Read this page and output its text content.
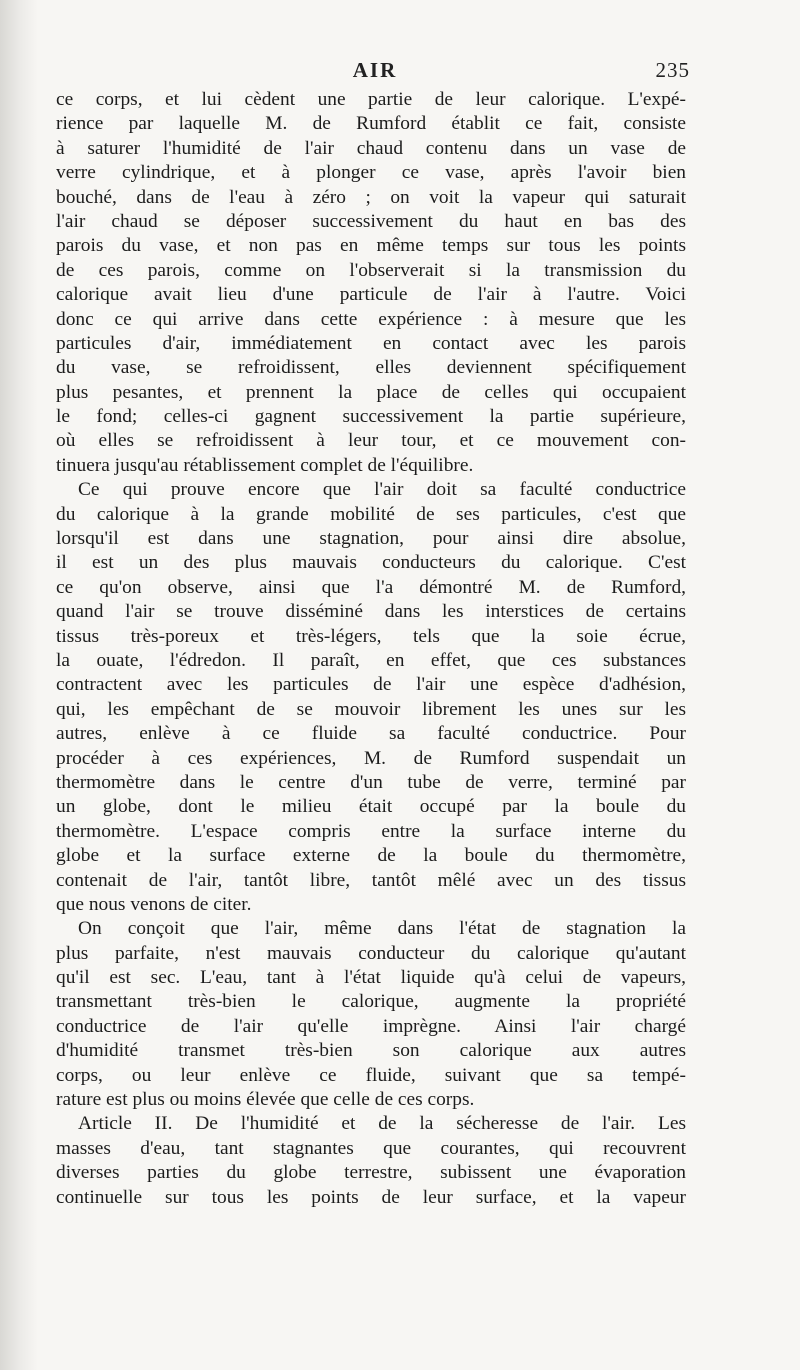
AIR	235
ce corps, et lui cèdent une partie de leur calorique. L'expé-
rience par laquelle M. de Rumford établit ce fait, consiste
à saturer l'humidité de l'air chaud contenu dans un vase de
verre cylindrique, et à plonger ce vase, après l'avoir bien
bouché, dans de l'eau à zéro ; on voit la vapeur qui saturait
l'air chaud se déposer successivement du haut en bas des
parois du vase, et non pas en même temps sur tous les points
de ces parois, comme on l'observerait si la transmission du
calorique avait lieu d'une particule de l'air à l'autre. Voici
donc ce qui arrive dans cette expérience : à mesure que les
particules d'air, immédiatement en contact avec les parois
du vase, se refroidissent, elles deviennent spécifiquement
plus pesantes, et prennent la place de celles qui occupaient
le fond; celles-ci gagnent successivement la partie supérieure,
où elles se refroidissent à leur tour, et ce mouvement con-
tinuera jusqu'au rétablissement complet de l'équilibre.
Ce qui prouve encore que l'air doit sa faculté conductrice
du calorique à la grande mobilité de ses particules, c'est que
lorsqu'il est dans une stagnation, pour ainsi dire absolue,
il est un des plus mauvais conducteurs du calorique. C'est
ce qu'on observe, ainsi que l'a démontré M. de Rumford,
quand l'air se trouve disséminé dans les interstices de certains
tissus très-poreux et très-légers, tels que la soie écrue,
la ouate, l'édredon. Il paraît, en effet, que ces substances
contractent avec les particules de l'air une espèce d'adhésion,
qui, les empêchant de se mouvoir librement les unes sur les
autres, enlève à ce fluide sa faculté conductrice. Pour
procéder à ces expériences, M. de Rumford suspendait un
thermomètre dans le centre d'un tube de verre, terminé par
un globe, dont le milieu était occupé par la boule du
thermomètre. L'espace compris entre la surface interne du
globe et la surface externe de la boule du thermomètre,
contenait de l'air, tantôt libre, tantôt mêlé avec un des tissus
que nous venons de citer.
On conçoit que l'air, même dans l'état de stagnation la
plus parfaite, n'est mauvais conducteur du calorique qu'autant
qu'il est sec. L'eau, tant à l'état liquide qu'à celui de vapeurs,
transmettant très-bien le calorique, augmente la propriété
conductrice de l'air qu'elle imprègne. Ainsi l'air chargé
d'humidité transmet très-bien son calorique aux autres
corps, ou leur enlève ce fluide, suivant que sa tempé-
rature est plus ou moins élevée que celle de ces corps.
Article II. De l'humidité et de la sécheresse de l'air. Les
masses d'eau, tant stagnantes que courantes, qui recouvrent
diverses parties du globe terrestre, subissent une évaporation
continuelle sur tous les points de leur surface, et la vapeur
